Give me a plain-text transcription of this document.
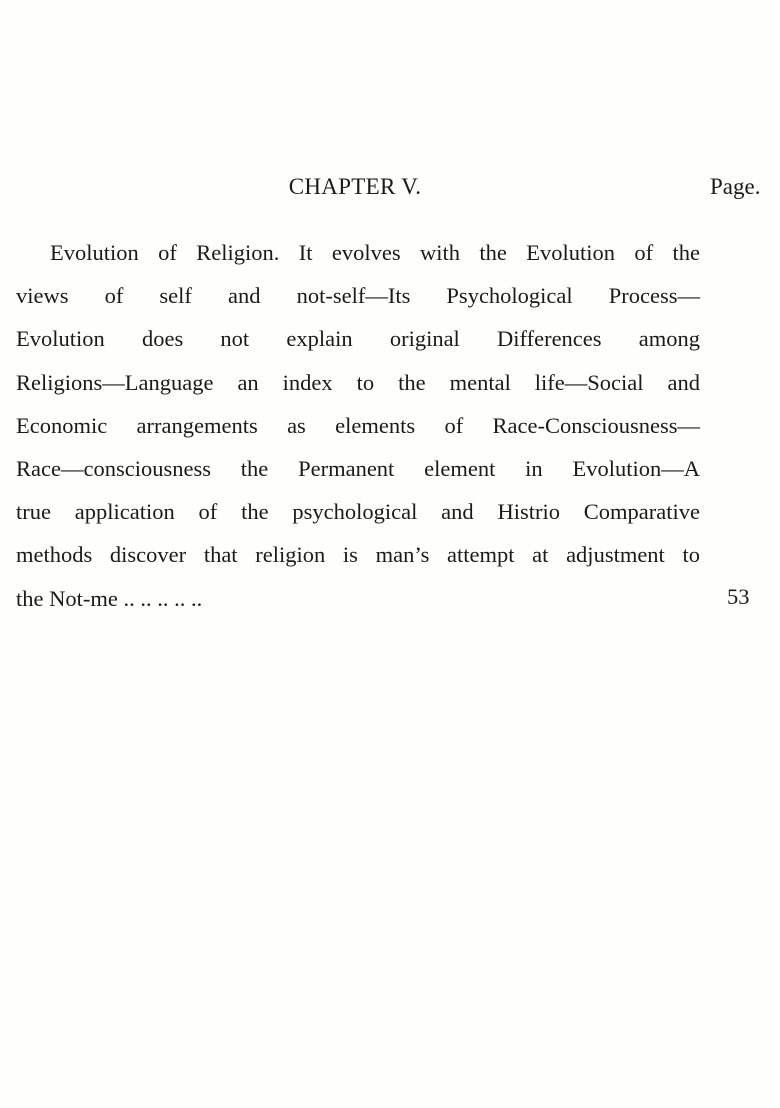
CHAPTER V.	Page.
Evolution of Religion. It evolves with the Evolution of the
views of self and not-self—Its Psychological Process—
Evolution does not explain original Differences among
Religions—Language an index to the mental life—Social and
Economic arrangements as elements of Race-Consciousness—
Race—consciousness the Permanent element in Evolution—A
true application of the psychological and Histrio Comparative
methods discover that religion is man’s attempt at adjustment to
the Not-me .. .. .. .. ..	53
